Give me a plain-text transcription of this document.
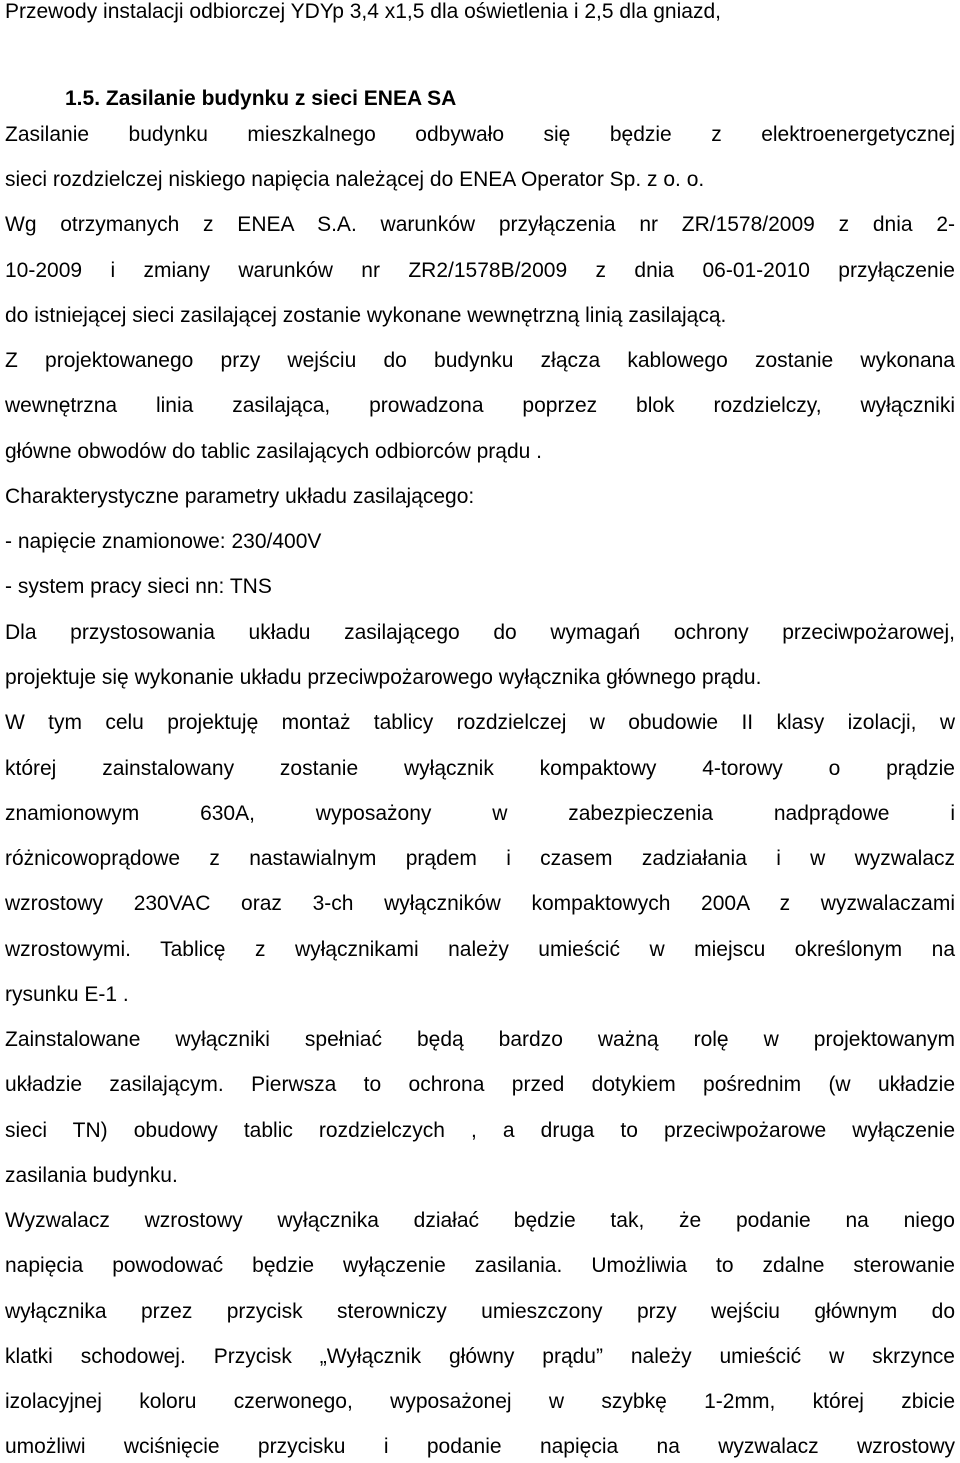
Przewody instalacji odbiorczej YDYp 3,4 x1,5 dla oświetlenia i 2,5 dla gniazd,
1.5. Zasilanie budynku z sieci ENEA SA
Zasilanie budynku mieszkalnego odbywało się będzie z elektroenergetycznej
sieci rozdzielczej niskiego napięcia należącej do ENEA Operator Sp. z o. o.
Wg otrzymanych z ENEA S.A. warunków przyłączenia nr ZR/1578/2009 z dnia 2-
10-2009 i zmiany warunków nr ZR2/1578B/2009 z dnia 06-01-2010 przyłączenie
do istniejącej sieci zasilającej zostanie wykonane wewnętrzną linią zasilającą.
Z projektowanego przy wejściu do budynku złącza kablowego zostanie wykonana
wewnętrzna linia zasilająca, prowadzona poprzez blok rozdzielczy, wyłączniki
główne obwodów do tablic zasilających odbiorców prądu .
Charakterystyczne parametry układu zasilającego:
- napięcie znamionowe: 230/400V
- system pracy sieci nn: TNS
Dla przystosowania układu zasilającego do wymagań ochrony przeciwpożarowej,
projektuje się wykonanie układu przeciwpożarowego wyłącznika głównego prądu.
W tym celu projektuję montaż tablicy rozdzielczej w obudowie II klasy izolacji, w
której zainstalowany zostanie wyłącznik kompaktowy 4-torowy o prądzie
znamionowym 630A, wyposażony w zabezpieczenia nadprądowe i
różnicowoprądowe z nastawialnym prądem i czasem zadziałania i w wyzwalacz
wzrostowy 230VAC oraz 3-ch wyłączników kompaktowych 200A z wyzwalaczami
wzrostowymi. Tablicę z wyłącznikami należy umieścić w miejscu określonym na
rysunku E-1 .
Zainstalowane wyłączniki spełniać będą bardzo ważną rolę w projektowanym
układzie zasilającym. Pierwsza to ochrona przed dotykiem pośrednim (w układzie
sieci TN) obudowy tablic rozdzielczych , a druga to przeciwpożarowe wyłączenie
zasilania budynku.
Wyzwalacz wzrostowy wyłącznika działać będzie tak, że podanie na niego
napięcia powodować będzie wyłączenie zasilania. Umożliwia to zdalne sterowanie
wyłącznika przez przycisk sterowniczy umieszczony przy wejściu głównym do
klatki schodowej. Przycisk „Wyłącznik główny prądu” należy umieścić w skrzynce
izolacyjnej koloru czerwonego, wyposażonej w szybkę 1-2mm, której zbicie
umożliwi wciśnięcie przycisku i podanie napięcia na wyzwalacz wzrostowy
